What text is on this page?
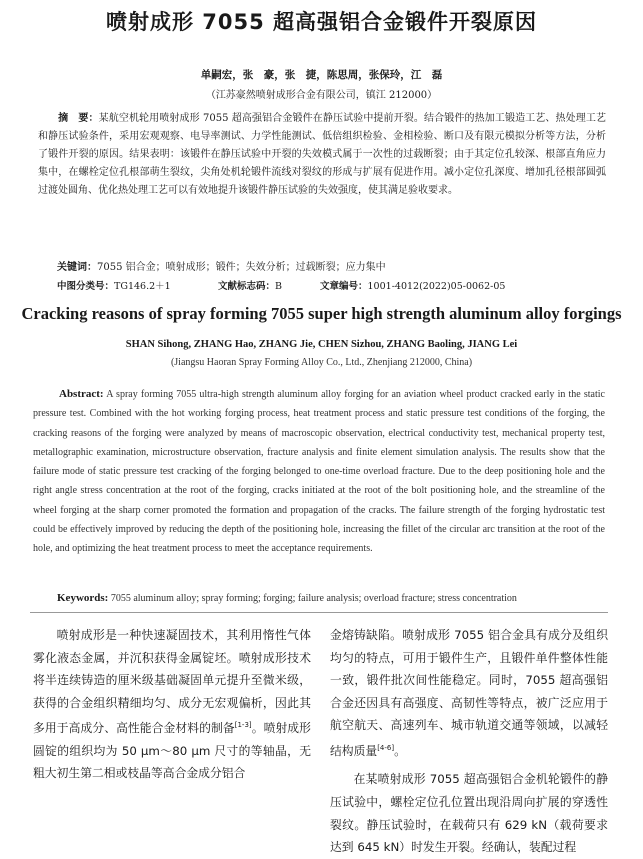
喷射成形 7055 超高强铝合金锻件开裂原因
单嗣宏，张　豪，张　捷，陈思周，张保玲，江　磊
（江苏豪然喷射成形合金有限公司，镇江 212000）
摘　要：某航空机轮用喷射成形 7055 超高强铝合金锻件在静压试验中提前开裂。结合锻件的热加工锻造工艺、热处理工艺和静压试验条件，采用宏观观察、电导率测试、力学性能测试、低倍组织检验、金相检验、断口及有限元模拟分析等方法，分析了锻件开裂的原因。结果表明：该锻件在静压试验中开裂的失效模式属于一次性的过载断裂；由于其定位孔较深、根部直角应力集中，在螺栓定位孔根部萌生裂纹，尖角处机轮锻件流线对裂纹的形成与扩展有促进作用。减小定位孔深度、增加孔径根部圆弧过渡处圆角、优化热处理工艺可以有效地提升该锻件静压试验的失效强度，使其满足验收要求。
关键词：7055 铝合金；喷射成形；锻件；失效分析；过载断裂；应力集中
中图分类号：TG146.2＋1	文献标志码：B	文章编号：1001-4012(2022)05-0062-05
Cracking reasons of spray forming 7055 super high strength aluminum alloy forgings
SHAN Sihong, ZHANG Hao, ZHANG Jie, CHEN Sizhou, ZHANG Baoling, JIANG Lei
(Jiangsu Haoran Spray Forming Alloy Co., Ltd., Zhenjiang 212000, China)
Abstract: A spray forming 7055 ultra-high strength aluminum alloy forging for an aviation wheel product cracked early in the static pressure test. Combined with the hot working forging process, heat treatment process and static pressure test conditions of the forging, the cracking reasons of the forging were analyzed by means of macroscopic observation, electrical conductivity test, mechanical property test, metallographic examination, microstructure observation, fracture analysis and finite element simulation analysis. The results show that the failure mode of static pressure test cracking of the forging belonged to one-time overload fracture. Due to the deep positioning hole and the right angle stress concentration at the root of the forging, cracks initiated at the root of the bolt positioning hole, and the streamline of the wheel forging at the sharp corner promoted the formation and propagation of the cracks. The failure strength of the forging hydrostatic test could be effectively improved by reducing the depth of the positioning hole, increasing the fillet of the circular arc transition at the root of the hole, and optimizing the heat treatment process to meet the acceptance requirements.
Keywords: 7055 aluminum alloy; spray forming; forging; failure analysis; overload fracture; stress concentration

喷射成形是一种快速凝固技术，其利用惰性气体雾化液态金属，并沉积获得金属锭坯。喷射成形技术将半连续铸造的厘米级基础凝固单元提升至微米级，获得的合金组织精细均匀、成分无宏观偏析，因此其多用于高成分、高性能合金材料的制备[1-3]。喷射成形圆锭的组织均为 50 μm～80 μm 尺寸的等轴晶，无粗大初生第二相或枝晶等高合金成分铝合

金熔铸缺陷。喷射成形 7055 铝合金具有成分及组织均匀的特点，可用于锻件生产，且锻件单件整体性能一致，锻件批次间性能稳定。同时，7055 超高强铝合金还因具有高强度、高韧性等特点，被广泛应用于航空航天、高速列车、城市轨道交通等领域，以减轻结构质量[4-6]。

在某喷射成形 7055 超高强铝合金机轮锻件的静压试验中，螺栓定位孔位置出现沿周向扩展的穿透性裂纹。静压试验时，在载荷只有 629 kN（载荷要求达到 645 kN）时发生开裂。经确认，装配过程
